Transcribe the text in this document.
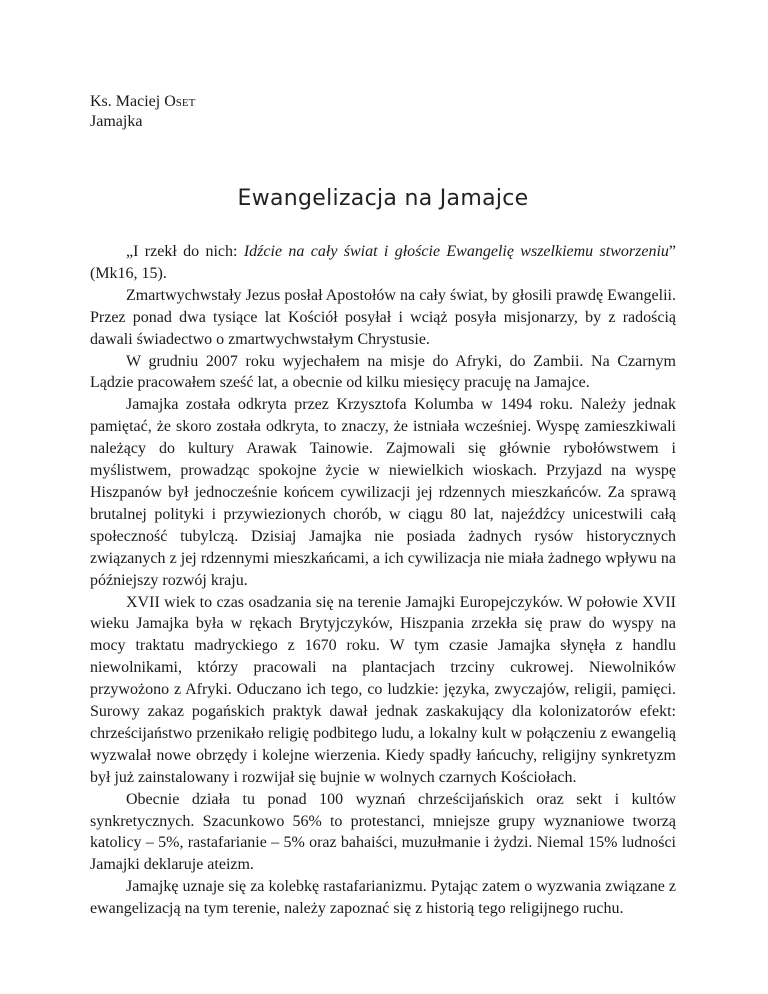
Ks. Maciej Oset
Jamajka
Ewangelizacja na Jamajce

„I rzekł do nich: Idźcie na cały świat i głoście Ewangelię wszelkiemu stworzeniu” (Mk16, 15).

Zmartwychwstały Jezus posłał Apostołów na cały świat, by głosili prawdę Ewangelii. Przez ponad dwa tysiące lat Kościół posyłał i wciąż posyła misjonarzy, by z radością dawali świadectwo o zmartwychwstałym Chrystusie.

W grudniu 2007 roku wyjechałem na misje do Afryki, do Zambii. Na Czarnym Lądzie pracowałem sześć lat, a obecnie od kilku miesięcy pracuję na Jamajce.

Jamajka została odkryta przez Krzysztofa Kolumba w 1494 roku. Należy jednak pamiętać, że skoro została odkryta, to znaczy, że istniała wcześniej. Wyspę zamieszkiwali należący do kultury Arawak Tainowie. Zajmowali się głównie rybołówstwem i myślistwem, prowadząc spokojne życie w niewielkich wioskach. Przyjazd na wyspę Hiszpanów był jednocześnie końcem cywilizacji jej rdzennych mieszkańców. Za sprawą brutalnej polityki i przywiezionych chorób, w ciągu 80 lat, najeźdźcy unicestwili całą społeczność tubylczą. Dzisiaj Jamajka nie posiada żadnych rysów historycznych związanych z jej rdzennymi mieszkańcami, a ich cywilizacja nie miała żadnego wpływu na późniejszy rozwój kraju.

XVII wiek to czas osadzania się na terenie Jamajki Europejczyków. W połowie XVII wieku Jamajka była w rękach Brytyjczyków, Hiszpania zrzekła się praw do wyspy na mocy traktatu madryckiego z 1670 roku. W tym czasie Jamajka słynęła z handlu niewolnikami, którzy pracowali na plantacjach trzciny cukrowej. Niewolników przywożono z Afryki. Oduczano ich tego, co ludzkie: języka, zwyczajów, religii, pamięci. Surowy zakaz pogańskich praktyk dawał jednak zaskakujący dla kolonizatorów efekt: chrześcijaństwo przenikało religię podbitego ludu, a lokalny kult w połączeniu z ewangelią wyzwalał nowe obrzędy i kolejne wierzenia. Kiedy spadły łańcuchy, religijny synkretyzm był już zainstalowany i rozwijał się bujnie w wolnych czarnych Kościołach.

Obecnie działa tu ponad 100 wyznań chrześcijańskich oraz sekt i kultów synkretycznych. Szacunkowo 56% to protestanci, mniejsze grupy wyznaniowe tworzą katolicy – 5%, rastafarianie – 5% oraz bahaiści, muzułmanie i żydzi. Niemal 15% ludności Jamajki deklaruje ateizm.

Jamajkę uznaje się za kolebkę rastafarianizmu. Pytając zatem o wyzwania związane z ewangelizacją na tym terenie, należy zapoznać się z historią tego religijnego ruchu.
